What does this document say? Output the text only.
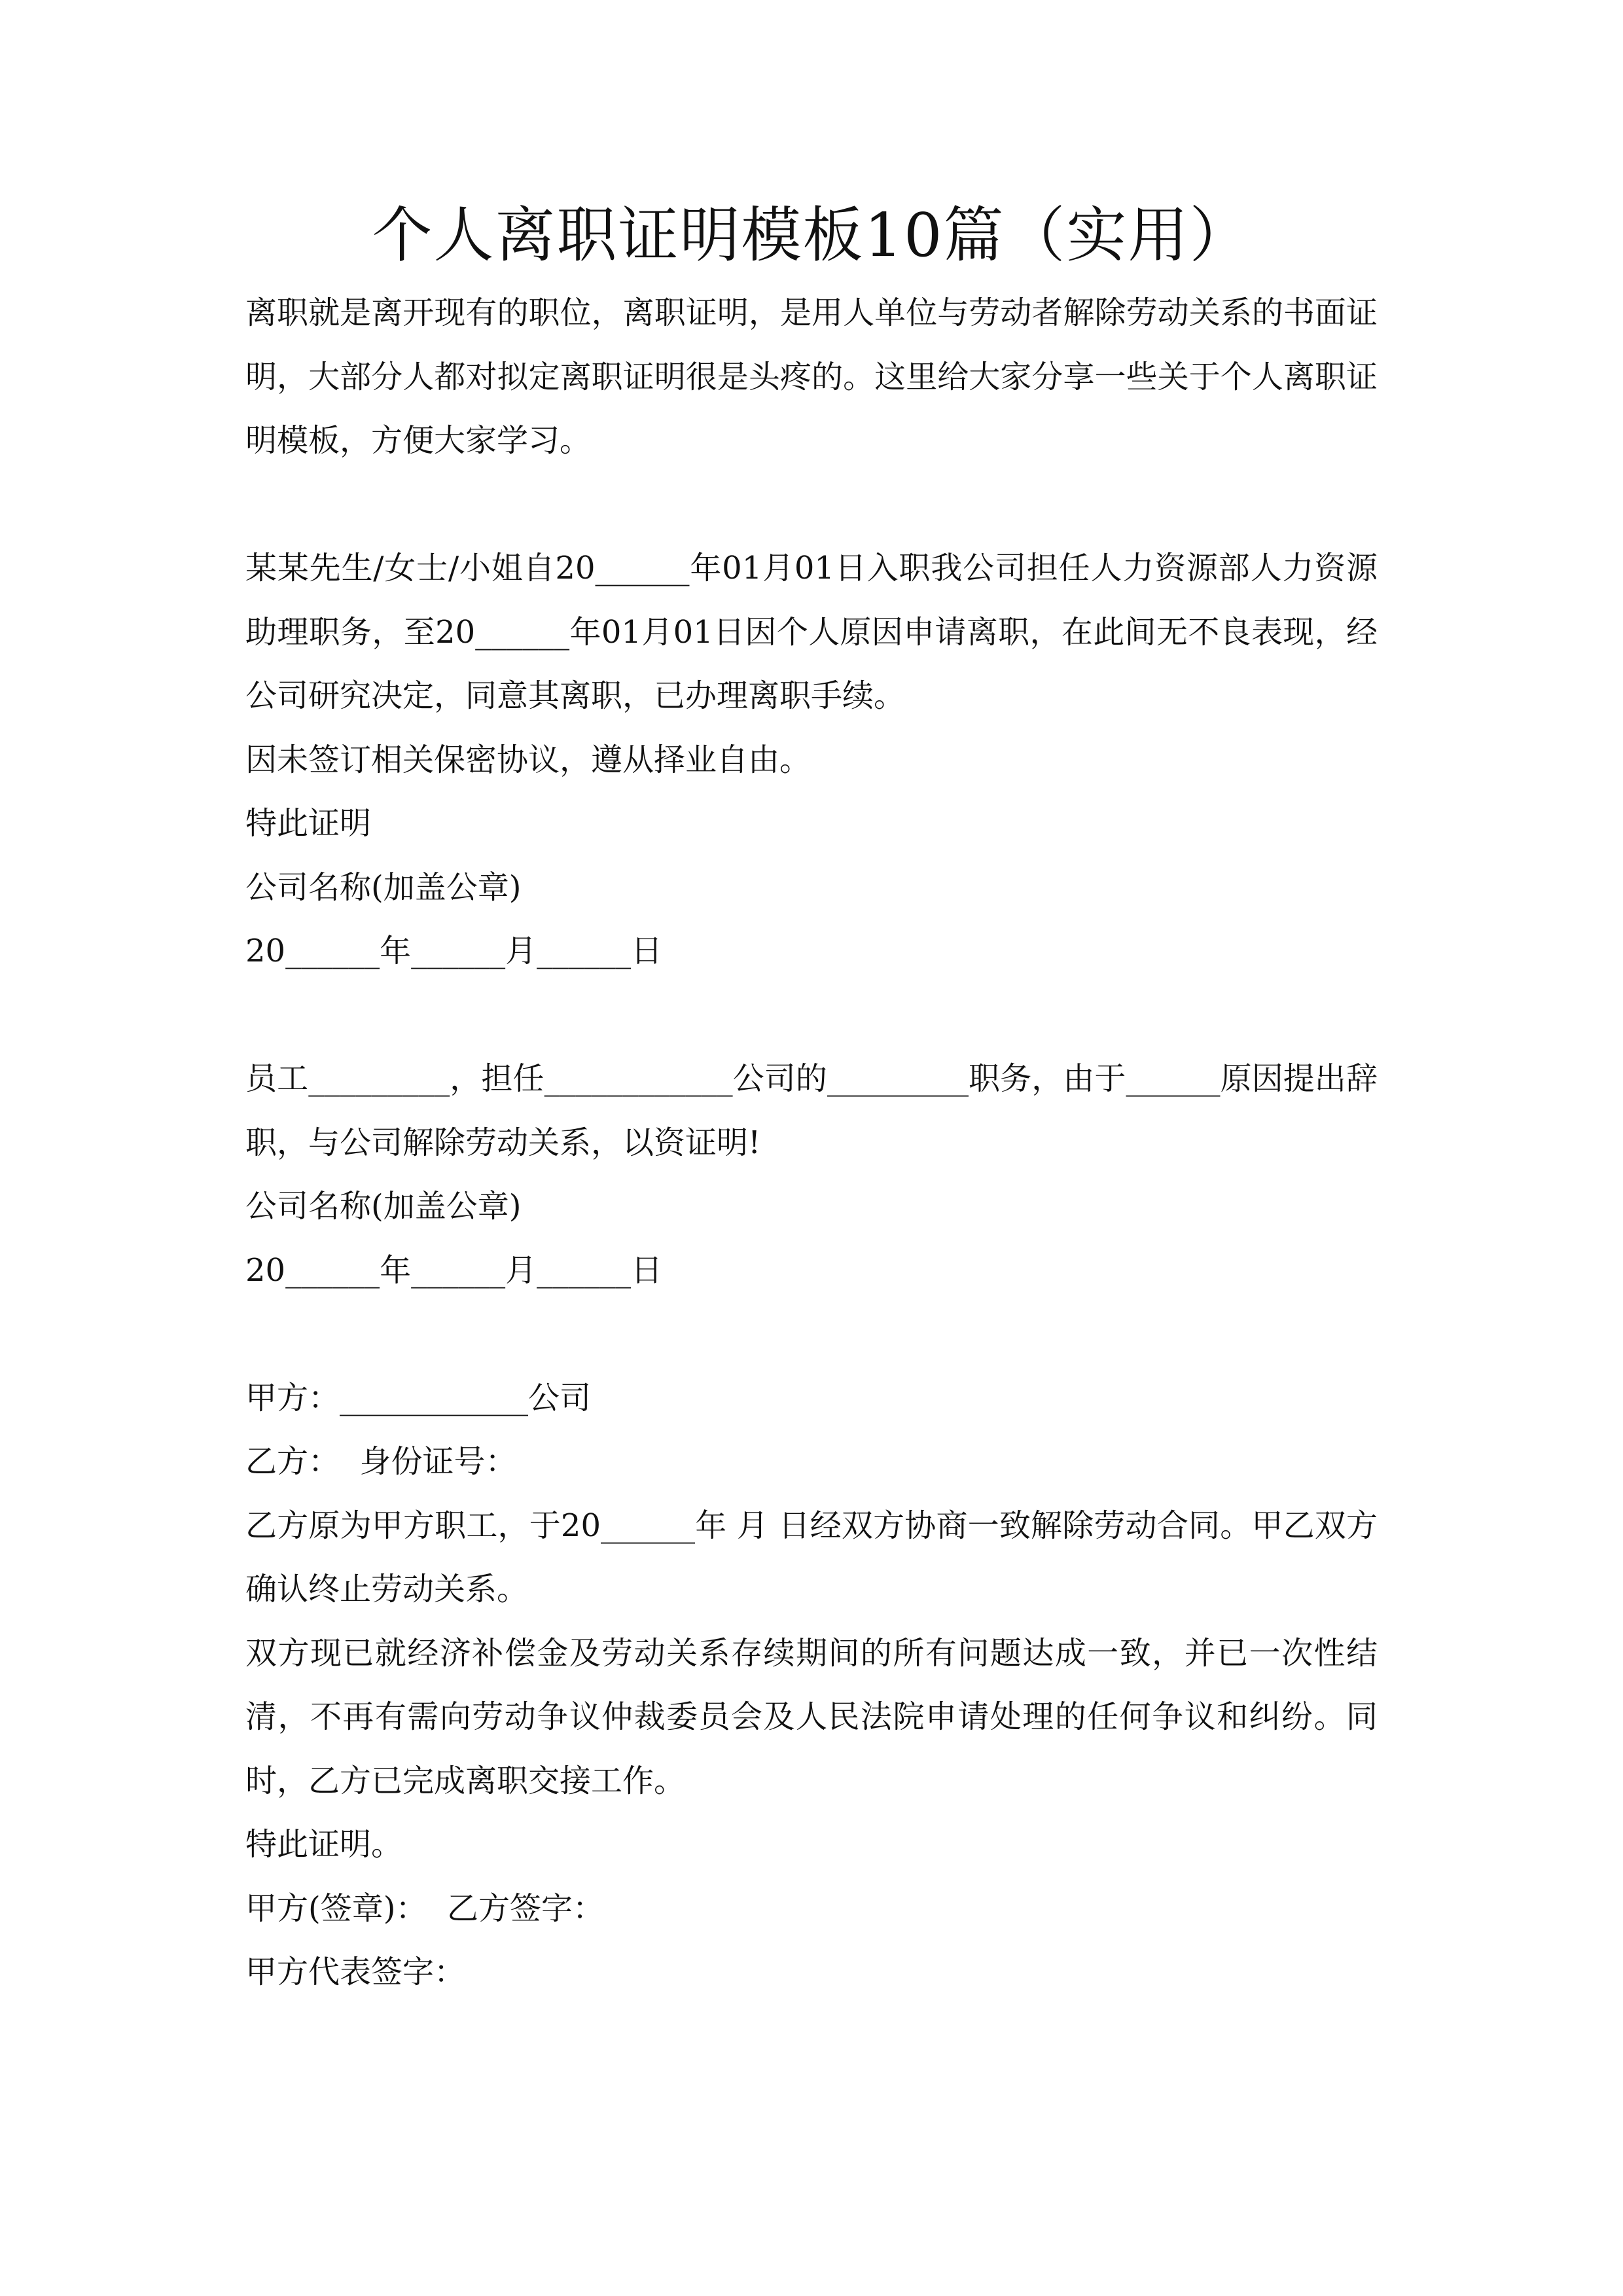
个人离职证明模板10篇（实用）

离职就是离开现有的职位，离职证明，是用人单位与劳动者解除劳动关系的书面证明，大部分人都对拟定离职证明很是头疼的。这里给大家分享一些关于个人离职证明模板，方便大家学习。

某某先生/女士/小姐自20______年01月01日入职我公司担任人力资源部人力资源助理职务，至20______年01月01日因个人原因申请离职，在此间无不良表现，经公司研究决定，同意其离职，已办理离职手续。

因未签订相关保密协议，遵从择业自由。

特此证明

公司名称(加盖公章)

20______年______月______日

员工_________，担任____________公司的_________职务，由于______原因提出辞职，与公司解除劳动关系，以资证明!

公司名称(加盖公章)

20______年______月______日

甲方：____________公司

乙方：  身份证号：

乙方原为甲方职工，于20______年 月 日经双方协商一致解除劳动合同。甲乙双方确认终止劳动关系。

双方现已就经济补偿金及劳动关系存续期间的所有问题达成一致，并已一次性结清，不再有需向劳动争议仲裁委员会及人民法院申请处理的任何争议和纠纷。同时，乙方已完成离职交接工作。

特此证明。

甲方(签章)：  乙方签字：

甲方代表签字：
